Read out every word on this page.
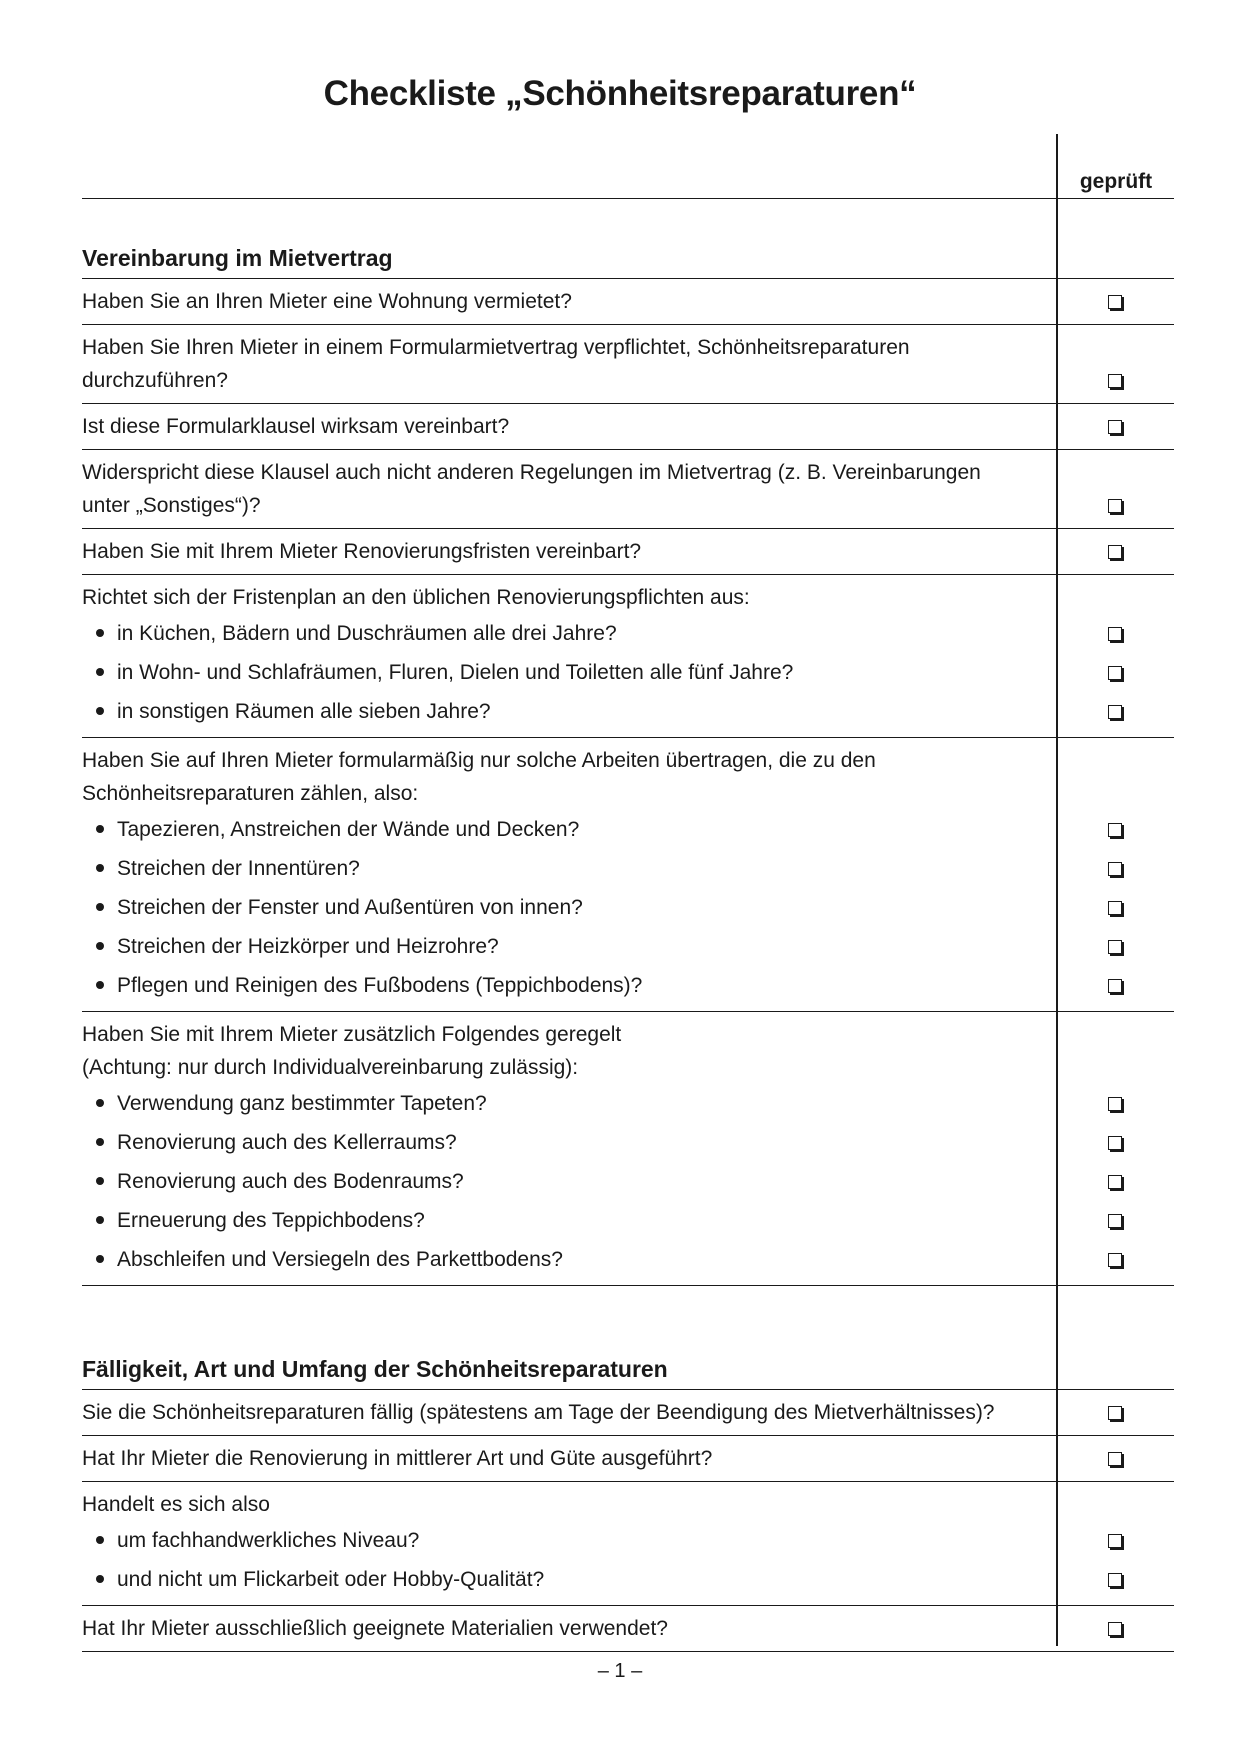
Checkliste „Schönheitsreparaturen“
geprüft
Vereinbarung im Mietvertrag
Haben Sie an Ihren Mieter eine Wohnung vermietet?
Haben Sie Ihren Mieter in einem Formularmietvertrag verpflichtet, Schönheitsreparaturen
durchzuführen?
Ist diese Formularklausel wirksam vereinbart?
Widerspricht diese Klausel auch nicht anderen Regelungen im Mietvertrag (z. B. Vereinbarungen
unter „Sonstiges“)?
Haben Sie mit Ihrem Mieter Renovierungsfristen vereinbart?
Richtet sich der Fristenplan an den üblichen Renovierungspflichten aus:
in Küchen, Bädern und Duschräumen alle drei Jahre?
in Wohn- und Schlafräumen, Fluren, Dielen und Toiletten alle fünf Jahre?
in sonstigen Räumen alle sieben Jahre?
Haben Sie auf Ihren Mieter formularmäßig nur solche Arbeiten übertragen, die zu den
Schönheitsreparaturen zählen, also:
Tapezieren, Anstreichen der Wände und Decken?
Streichen der Innentüren?
Streichen der Fenster und Außentüren von innen?
Streichen der Heizkörper und Heizrohre?
Pflegen und Reinigen des Fußbodens (Teppichbodens)?
Haben Sie mit Ihrem Mieter zusätzlich Folgendes geregelt
(Achtung: nur durch Individualvereinbarung zulässig):
Verwendung ganz bestimmter Tapeten?
Renovierung auch des Kellerraums?
Renovierung auch des Bodenraums?
Erneuerung des Teppichbodens?
Abschleifen und Versiegeln des Parkettbodens?
Fälligkeit, Art und Umfang der Schönheitsreparaturen
Sie die Schönheitsreparaturen fällig (spätestens am Tage der Beendigung des Mietverhältnisses)?
Hat Ihr Mieter die Renovierung in mittlerer Art und Güte ausgeführt?
Handelt es sich also
um fachhandwerkliches Niveau?
und nicht um Flickarbeit oder Hobby-Qualität?
Hat Ihr Mieter ausschließlich geeignete Materialien verwendet?
– 1 –
